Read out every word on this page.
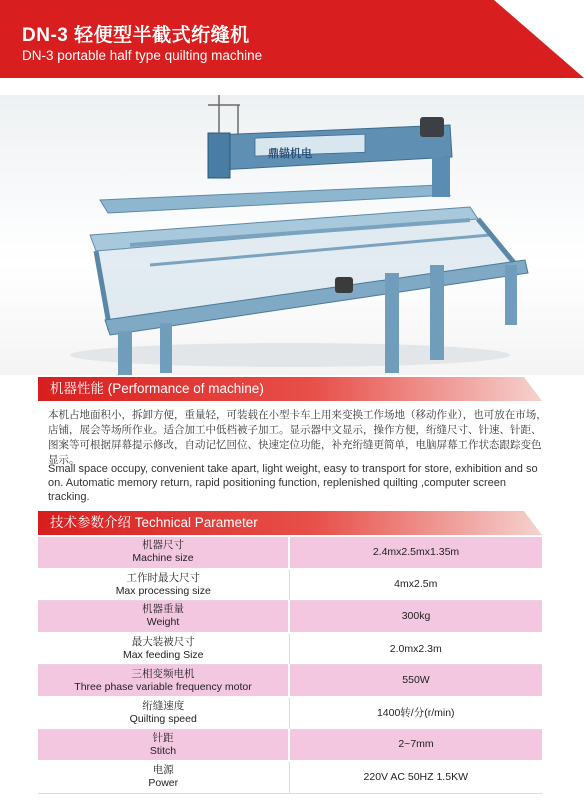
DN-3 轻便型半截式绗缝机
DN-3 portable half type quilting machine
鼎锚机电
机器性能 (Performance of machine)
本机占地面积小，拆卸方便，重量轻，可装载在小型卡车上用来变换工作场地（移动作业），也可放在市场，店铺，展会等场所作业。适合加工中低档被子加工。显示器中文显示，操作方便，绗缝尺寸、针速、针距、图案等可根据屏幕提示修改，自动记忆回位、快速定位功能，补充绗缝更简单，电脑屏幕工作状态跟踪变色显示。
Small space occupy, convenient take apart, light weight, easy to transport for store, exhibition and so on. Automatic memory return, rapid positioning function, replenished quilting ,computer screen tracking.
技术参数介绍 Technical Parameter
机器尺寸
Machine size	2.4mx2.5mx1.35m
工作时最大尺寸
Max processing size	4mx2.5m
机器重量
Weight	300kg
最大装被尺寸
Max feeding Size	2.0mx2.3m
三相变频电机
Three phase variable frequency motor	550W
绗缝速度
Quilting speed	1400转/分(r/min)
针距
Stitch	2~7mm
电源
Power	220V AC 50HZ 1.5KW
